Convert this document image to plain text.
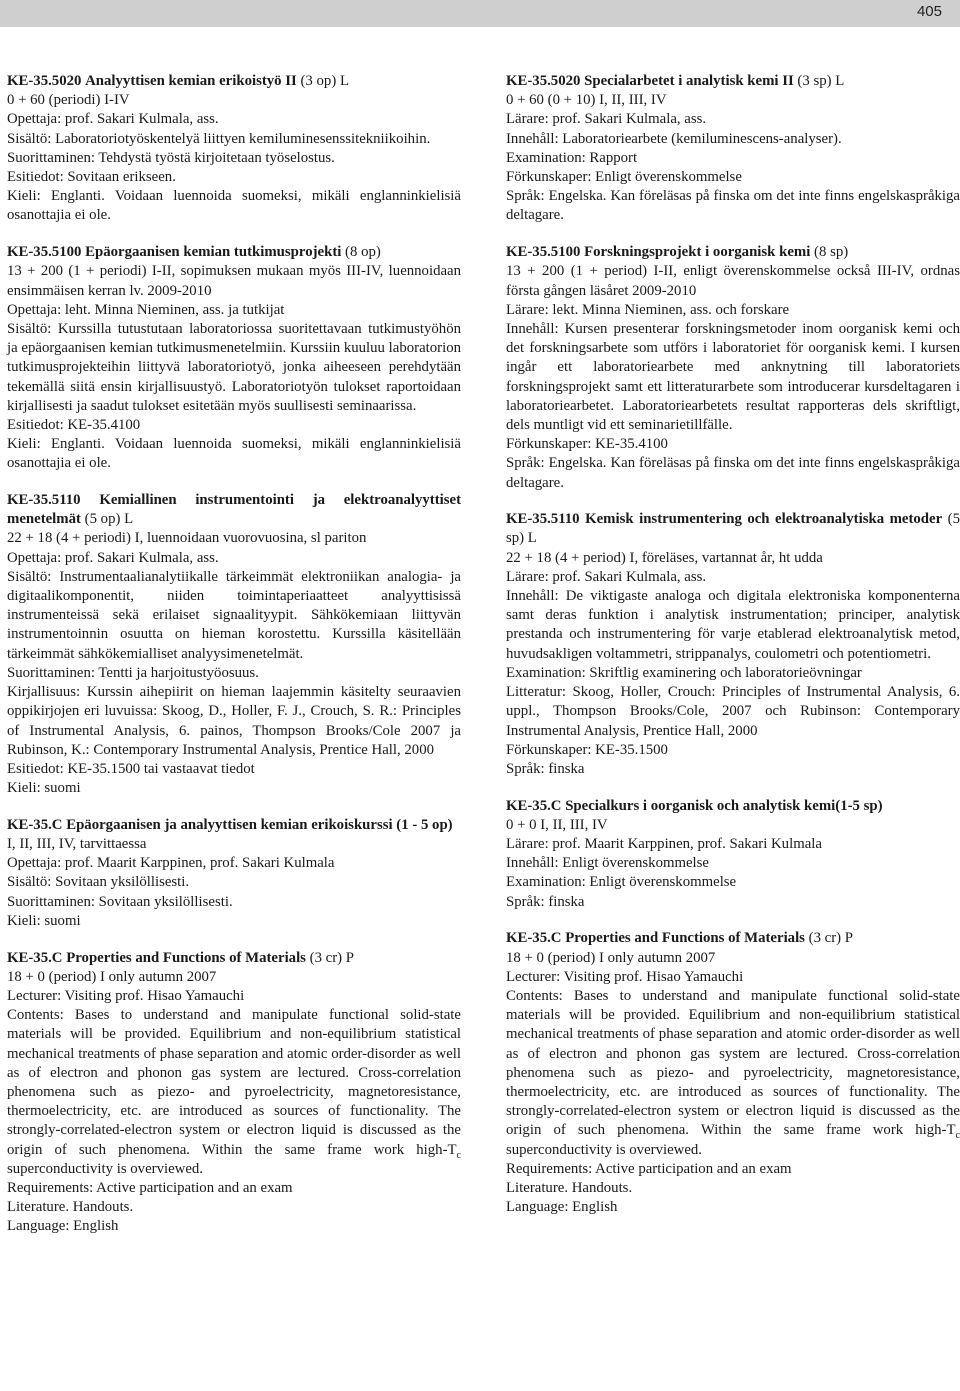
405

KE-35.5020 Analyyttisen kemian erikoistyö II (3 op) L

0 + 60 (periodi) I-IV

Opettaja: prof. Sakari Kulmala, ass.

Sisältö: Laboratoriotyöskentelyä liittyen kemiluminesenssitekniikoihin.

Suorittaminen: Tehdystä työstä kirjoitetaan työselostus.

Esitiedot: Sovitaan erikseen.

Kieli: Englanti. Voidaan luennoida suomeksi, mikäli englanninkielisiä osanottajia ei ole.

KE-35.5100 Epäorgaanisen kemian tutkimusprojekti (8 op)

13 + 200 (1 + periodi) I-II, sopimuksen mukaan myös III-IV, luennoidaan ensimmäisen kerran lv. 2009-2010

Opettaja: leht. Minna Nieminen, ass. ja tutkijat

Sisältö: Kurssilla tutustutaan laboratoriossa suoritettavaan tutkimustyöhön ja epäorgaanisen kemian tutkimusmenetelmiin. Kurssiin kuuluu laboratorion tutkimusprojekteihin liittyvä laboratoriotyö, jonka aiheeseen perehdytään tekemällä siitä ensin kirjallisuustyö. Laboratoriotyön tulokset raportoidaan kirjallisesti ja saadut tulokset esitetään myös suullisesti seminaarissa.

Esitiedot: KE-35.4100

Kieli: Englanti. Voidaan luennoida suomeksi, mikäli englanninkielisiä osanottajia ei ole.

KE-35.5110 Kemiallinen instrumentointi ja elektroanalyyttiset menetelmät (5 op) L

22 + 18 (4 + periodi) I, luennoidaan vuorovuosina, sl pariton

Opettaja: prof. Sakari Kulmala, ass.

Sisältö: Instrumentaalianalytiikalle tärkeimmät elektroniikan analogia- ja digitaalikomponentit, niiden toimintaperiaatteet analyyttisissä instrumenteissä sekä erilaiset signaalityypit. Sähkökemiaan liittyvän instrumentoinnin osuutta on hieman korostettu. Kurssilla käsitellään tärkeimmät sähkökemialliset analyysimenetelmät.

Suorittaminen: Tentti ja harjoitustyöosuus.

Kirjallisuus: Kurssin aihepiirit on hieman laajemmin käsitelty seuraavien oppikirjojen eri luvuissa: Skoog, D., Holler, F. J., Crouch, S. R.: Principles of Instrumental Analysis, 6. painos, Thompson Brooks/Cole 2007 ja Rubinson, K.: Contemporary Instrumental Analysis, Prentice Hall, 2000

Esitiedot: KE-35.1500 tai vastaavat tiedot

Kieli: suomi

KE-35.C Epäorgaanisen ja analyyttisen kemian erikoiskurssi (1 - 5 op)

I, II, III, IV, tarvittaessa

Opettaja: prof. Maarit Karppinen, prof. Sakari Kulmala

Sisältö: Sovitaan yksilöllisesti.

Suorittaminen: Sovitaan yksilöllisesti.

Kieli: suomi

KE-35.C Properties and Functions of Materials (3 cr) P

18 + 0 (period) I only autumn 2007

Lecturer: Visiting prof. Hisao Yamauchi

Contents: Bases to understand and manipulate functional solid-state materials will be provided. Equilibrium and non-equilibrium statistical mechanical treatments of phase separation and atomic order-disorder as well as of electron and phonon gas system are lectured. Cross-correlation phenomena such as piezo- and pyroelectricity, magnetoresistance, thermoelectricity, etc. are introduced as sources of functionality. The strongly-correlated-electron system or electron liquid is discussed as the origin of such phenomena. Within the same frame work high-$T_c$ superconductivity is overviewed.

Requirements: Active participation and an exam

Literature. Handouts.

Language: English

KE-35.5020 Specialarbetet i analytisk kemi II (3 sp) L

0 + 60 (0 + 10) I, II, III, IV

Lärare: prof. Sakari Kulmala, ass.

Innehåll: Laboratoriearbete (kemiluminescens-analyser).

Examination: Rapport

Förkunskaper: Enligt överenskommelse

Språk: Engelska. Kan föreläsas på finska om det inte finns engelskaspråkiga deltagare.

KE-35.5100 Forskningsprojekt i oorganisk kemi (8 sp)

13 + 200 (1 + period) I-II, enligt överenskommelse också III-IV, ordnas första gången läsåret 2009-2010

Lärare: lekt. Minna Nieminen, ass. och forskare

Innehåll: Kursen presenterar forskningsmetoder inom oorganisk kemi och det forskningsarbete som utförs i laboratoriet för oorganisk kemi. I kursen ingår ett laboratoriearbete med anknytning till laboratoriets forskningsprojekt samt ett litteraturarbete som introducerar kursdeltagaren i laboratoriearbetet. Laboratoriearbetets resultat rapporteras dels skriftligt, dels muntligt vid ett seminarietillfälle.

Förkunskaper: KE-35.4100

Språk: Engelska. Kan föreläsas på finska om det inte finns engelskaspråkiga deltagare.

KE-35.5110 Kemisk instrumentering och elektroanalytiska metoder (5 sp) L

22 + 18 (4 + period) I, föreläses, vartannat år, ht udda

Lärare: prof. Sakari Kulmala, ass.

Innehåll: De viktigaste analoga och digitala elektroniska komponenterna samt deras funktion i analytisk instrumentation; principer, analytisk prestanda och instrumentering för varje etablerad elektroanalytisk metod, huvudsakligen voltammetri, strippanalys, coulometri och potentiometri.

Examination: Skriftlig examinering och laboratorieövningar

Litteratur: Skoog, Holler, Crouch: Principles of Instrumental Analysis, 6. uppl., Thompson Brooks/Cole, 2007 och Rubinson: Contemporary Instrumental Analysis, Prentice Hall, 2000

Förkunskaper: KE-35.1500

Språk: finska

KE-35.C Specialkurs i oorganisk och analytisk kemi(1-5 sp)

0 + 0 I, II, III, IV

Lärare: prof. Maarit Karppinen, prof. Sakari Kulmala

Innehåll: Enligt överenskommelse

Examination: Enligt överenskommelse

Språk: finska

KE-35.C Properties and Functions of Materials (3 cr) P

18 + 0 (period) I only autumn 2007

Lecturer: Visiting prof. Hisao Yamauchi

Contents: Bases to understand and manipulate functional solid-state materials will be provided. Equilibrium and non-equilibrium statistical mechanical treatments of phase separation and atomic order-disorder as well as of electron and phonon gas system are lectured. Cross-correlation phenomena such as piezo- and pyroelectricity, magnetoresistance, thermoelectricity, etc. are introduced as sources of functionality. The strongly-correlated-electron system or electron liquid is discussed as the origin of such phenomena. Within the same frame work high-$T_c$ superconductivity is overviewed.

Requirements: Active participation and an exam

Literature. Handouts.

Language: English
